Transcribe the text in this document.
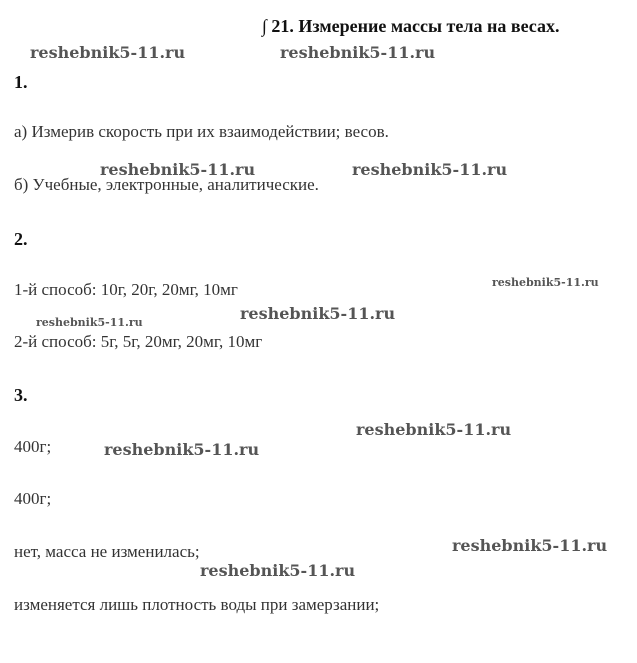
∫ 21. Измерение массы тела на весах.
1.
а) Измерив скорость при их взаимодействии; весов.
б) Учебные, электронные, аналитические.
2.
1-й способ: 10г, 20г, 20мг, 10мг
2-й способ: 5г, 5г, 20мг, 20мг, 10мг
3.
400г;
400г;
нет, масса не изменилась;
изменяется лишь плотность воды при замерзании;
reshebnik5-11.ru	reshebnik5-11.ru
reshebnik5-11.ru	reshebnik5-11.ru
reshebnik5-11.ru
reshebnik5-11.ru
reshebnik5-11.ru
reshebnik5-11.ru
reshebnik5-11.ru
reshebnik5-11.ru
reshebnik5-11.ru
